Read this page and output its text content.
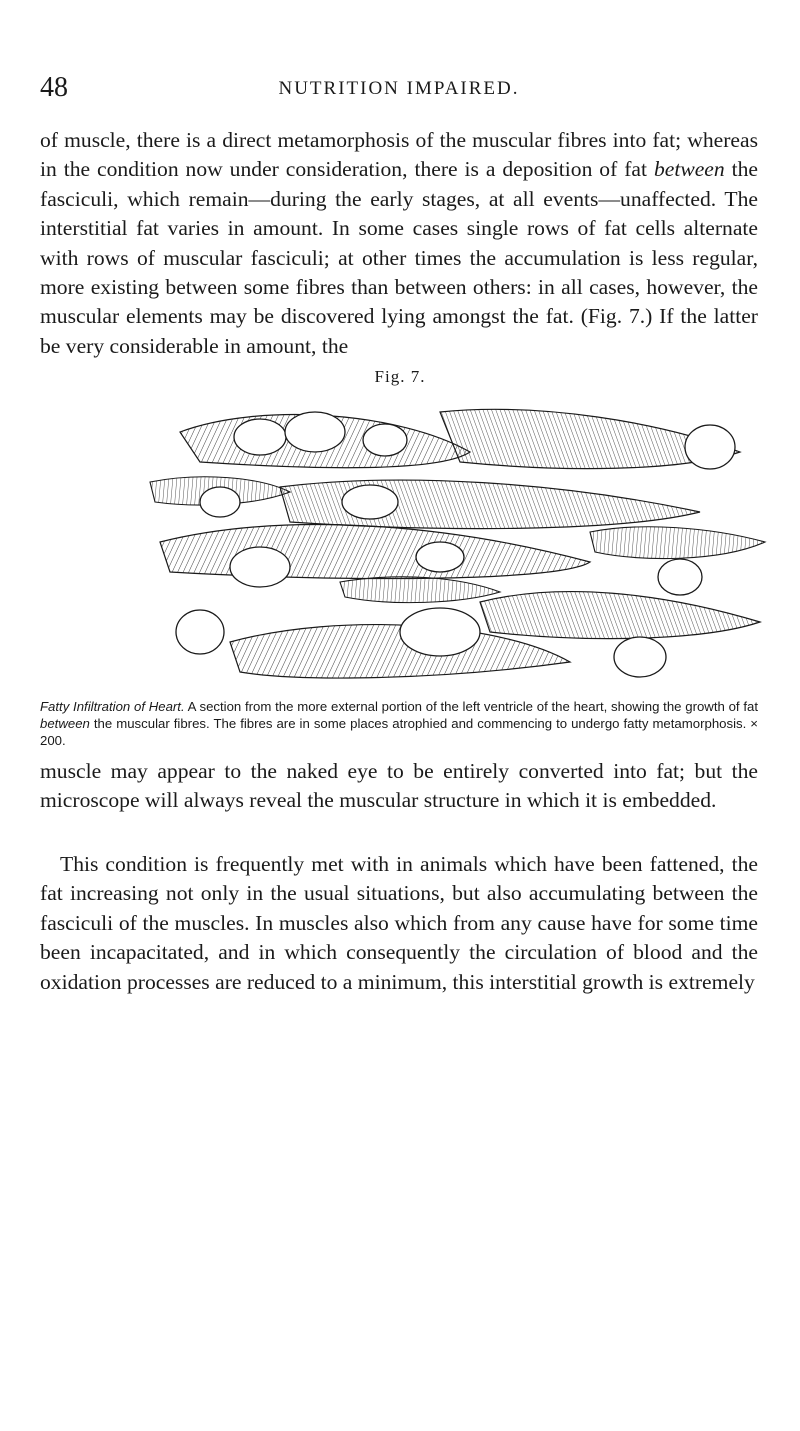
48	NUTRITION IMPAIRED.

of muscle, there is a direct metamorphosis of the muscular fibres into fat; whereas in the condition now under consideration, there is a deposition of fat between the fasciculi, which remain—during the early stages, at all events—unaffected. The interstitial fat varies in amount. In some cases single rows of fat cells alternate with rows of muscular fasciculi; at other times the accumulation is less regular, more existing between some fibres than between others: in all cases, however, the muscular elements may be discovered lying amongst the fat. (Fig. 7.) If the latter be very considerable in amount, the

Fig. 7.

Fatty Infiltration of Heart. A section from the more external portion of the left ventricle of the heart, showing the growth of fat between the muscular fibres. The fibres are in some places atrophied and commencing to undergo fatty metamorphosis. × 200.

muscle may appear to the naked eye to be entirely converted into fat; but the microscope will always reveal the muscular structure in which it is embedded.

This condition is frequently met with in animals which have been fattened, the fat increasing not only in the usual situations, but also accumulating between the fasciculi of the muscles. In muscles also which from any cause have for some time been incapacitated, and in which consequently the circulation of blood and the oxidation processes are reduced to a minimum, this interstitial growth is extremely
